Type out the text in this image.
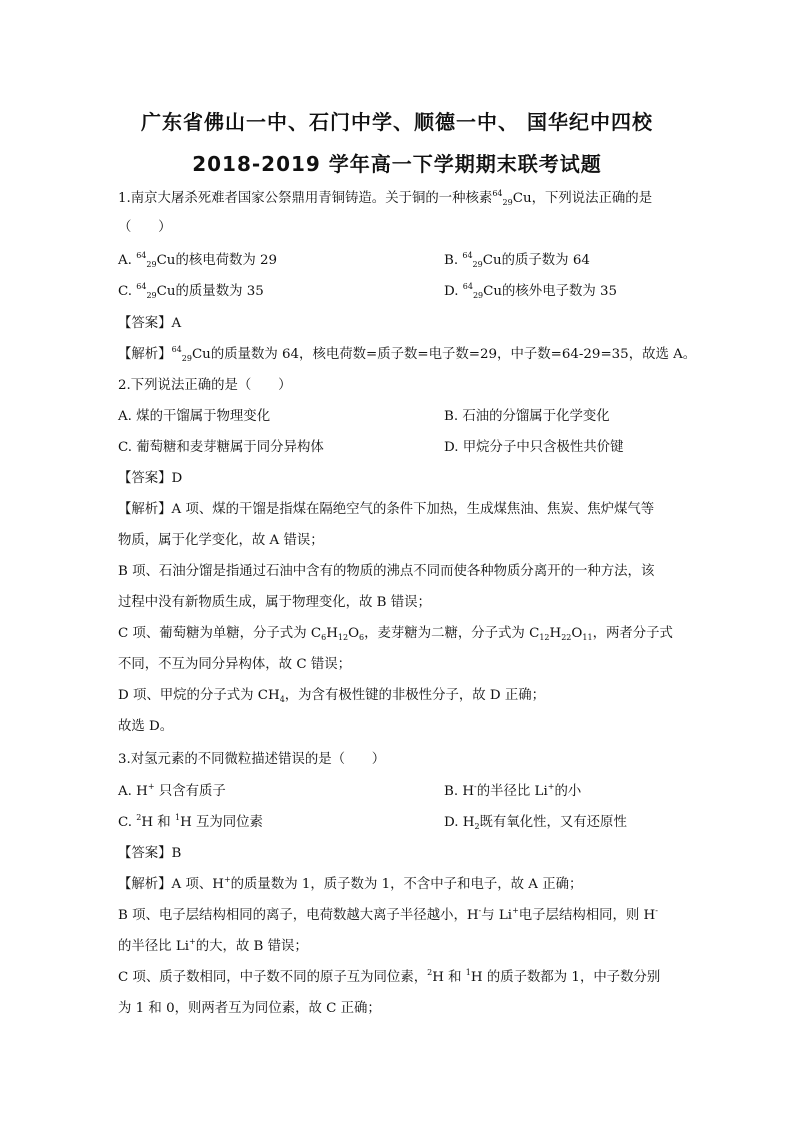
广东省佛山一中、石门中学、顺德一中、 国华纪中四校
2018-2019 学年高一下学期期末联考试题
1.南京大屠杀死难者国家公祭鼎用青铜铸造。关于铜的一种核素$^{64}_{29}$Cu，下列说法正确的是
（　　）
A. $^{64}_{29}$Cu的核电荷数为 29	B. $^{64}_{29}$Cu的质子数为 64
C. $^{64}_{29}$Cu的质量数为 35	D. $^{64}_{29}$Cu的核外电子数为 35
【答案】A
【解析】$^{64}_{29}$Cu的质量数为 64，核电荷数=质子数=电子数=29，中子数=64-29=35，故选 A。
2.下列说法正确的是（　　）
A. 煤的干馏属于物理变化	B. 石油的分馏属于化学变化
C. 葡萄糖和麦芽糖属于同分异构体	D. 甲烷分子中只含极性共价键
【答案】D
【解析】A 项、煤的干馏是指煤在隔绝空气的条件下加热，生成煤焦油、焦炭、焦炉煤气等
物质，属于化学变化，故 A 错误；
B 项、石油分馏是指通过石油中含有的物质的沸点不同而使各种物质分离开的一种方法，该
过程中没有新物质生成，属于物理变化，故 B 错误；
C 项、葡萄糖为单糖，分子式为 $C_6H_{12}O_6$，麦芽糖为二糖，分子式为 $C_{12}H_{22}O_{11}$，两者分子式
不同，不互为同分异构体，故 C 错误；
D 项、甲烷的分子式为 $CH_4$，为含有极性键的非极性分子，故 D 正确；
故选 D。
3.对氢元素的不同微粒描述错误的是（　　）
A. H+ 只含有质子	B. H-的半径比 Li+的小
C. $^2$H 和 $^1$H 互为同位素	D. $H_2$既有氧化性，又有还原性
【答案】B
【解析】A 项、H+的质量数为 1，质子数为 1，不含中子和电子，故 A 正确；
B 项、电子层结构相同的离子，电荷数越大离子半径越小，H-与 Li+电子层结构相同，则 H-
的半径比 Li+的大，故 B 错误；
C 项、质子数相同，中子数不同的原子互为同位素，$^2$H 和 $^1$H 的质子数都为 1，中子数分别
为 1 和 0，则两者互为同位素，故 C 正确；
